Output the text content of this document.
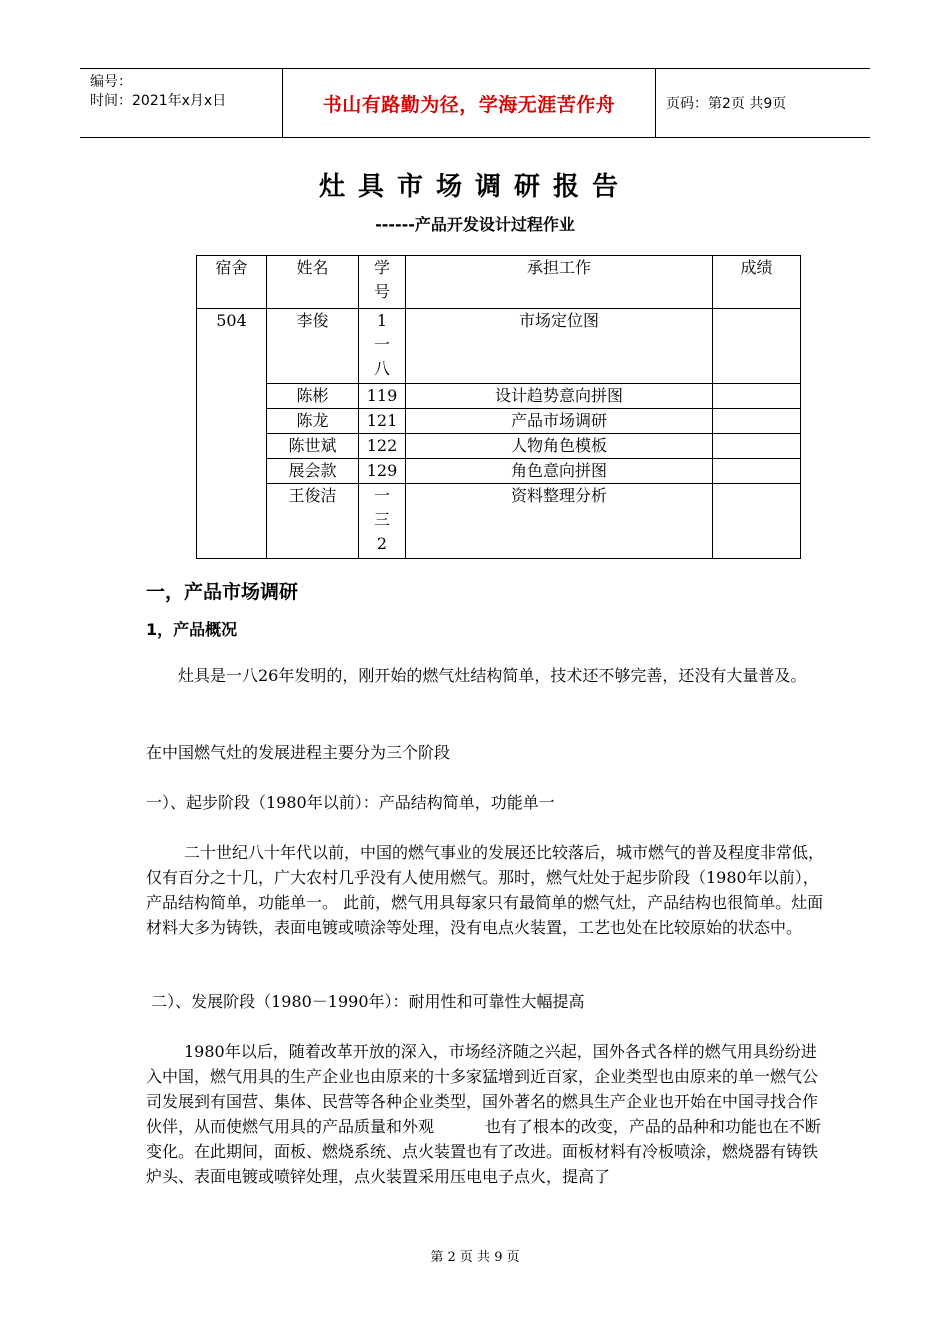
编号：
时间：2021年x月x日	书山有路勤为径，学海无涯苦作舟	页码：第2页 共9页
灶具市场调研报告
------产品开发设计过程作业
宿舍	姓名	学号	承担工作	成绩
504	李俊	1一八	市场定位图	
	陈彬	119	设计趋势意向拼图	
	陈龙	121	产品市场调研	
	陈世斌	122	人物角色模板	
	展会款	129	角色意向拼图	
	王俊洁	一三2	资料整理分析	
一，产品市场调研
1，产品概况

灶具是一八26年发明的，刚开始的燃气灶结构简单，技术还不够完善，还没有大量普及。

在中国燃气灶的发展进程主要分为三个阶段

一）、起步阶段（1980年以前）：产品结构简单，功能单一

二十世纪八十年代以前，中国的燃气事业的发展还比较落后，城市燃气的普及程度非常低，仅有百分之十几，广大农村几乎没有人使用燃气。那时，燃气灶处于起步阶段（1980年以前），产品结构简单，功能单一。 此前，燃气用具每家只有最简单的燃气灶，产品结构也很简单。灶面材料大多为铸铁，表面电镀或喷涂等处理，没有电点火装置，工艺也处在比较原始的状态中。

二）、发展阶段（1980－1990年）：耐用性和可靠性大幅提高

1980年以后，随着改革开放的深入，市场经济随之兴起，国外各式各样的燃气用具纷纷进入中国，燃气用具的生产企业也由原来的十多家猛增到近百家，企业类型也由原来的单一燃气公司发展到有国营、集体、民营等各种企业类型，国外著名的燃具生产企业也开始在中国寻找合作伙伴，从而使燃气用具的产品质量和外观          也有了根本的改变，产品的品种和功能也在不断变化。在此期间，面板、燃烧系统、点火装置也有了改进。面板材料有冷板喷涂，燃烧器有铸铁炉头、表面电镀或喷锌处理，点火装置采用压电电子点火，提高了

第 2 页 共 9 页
